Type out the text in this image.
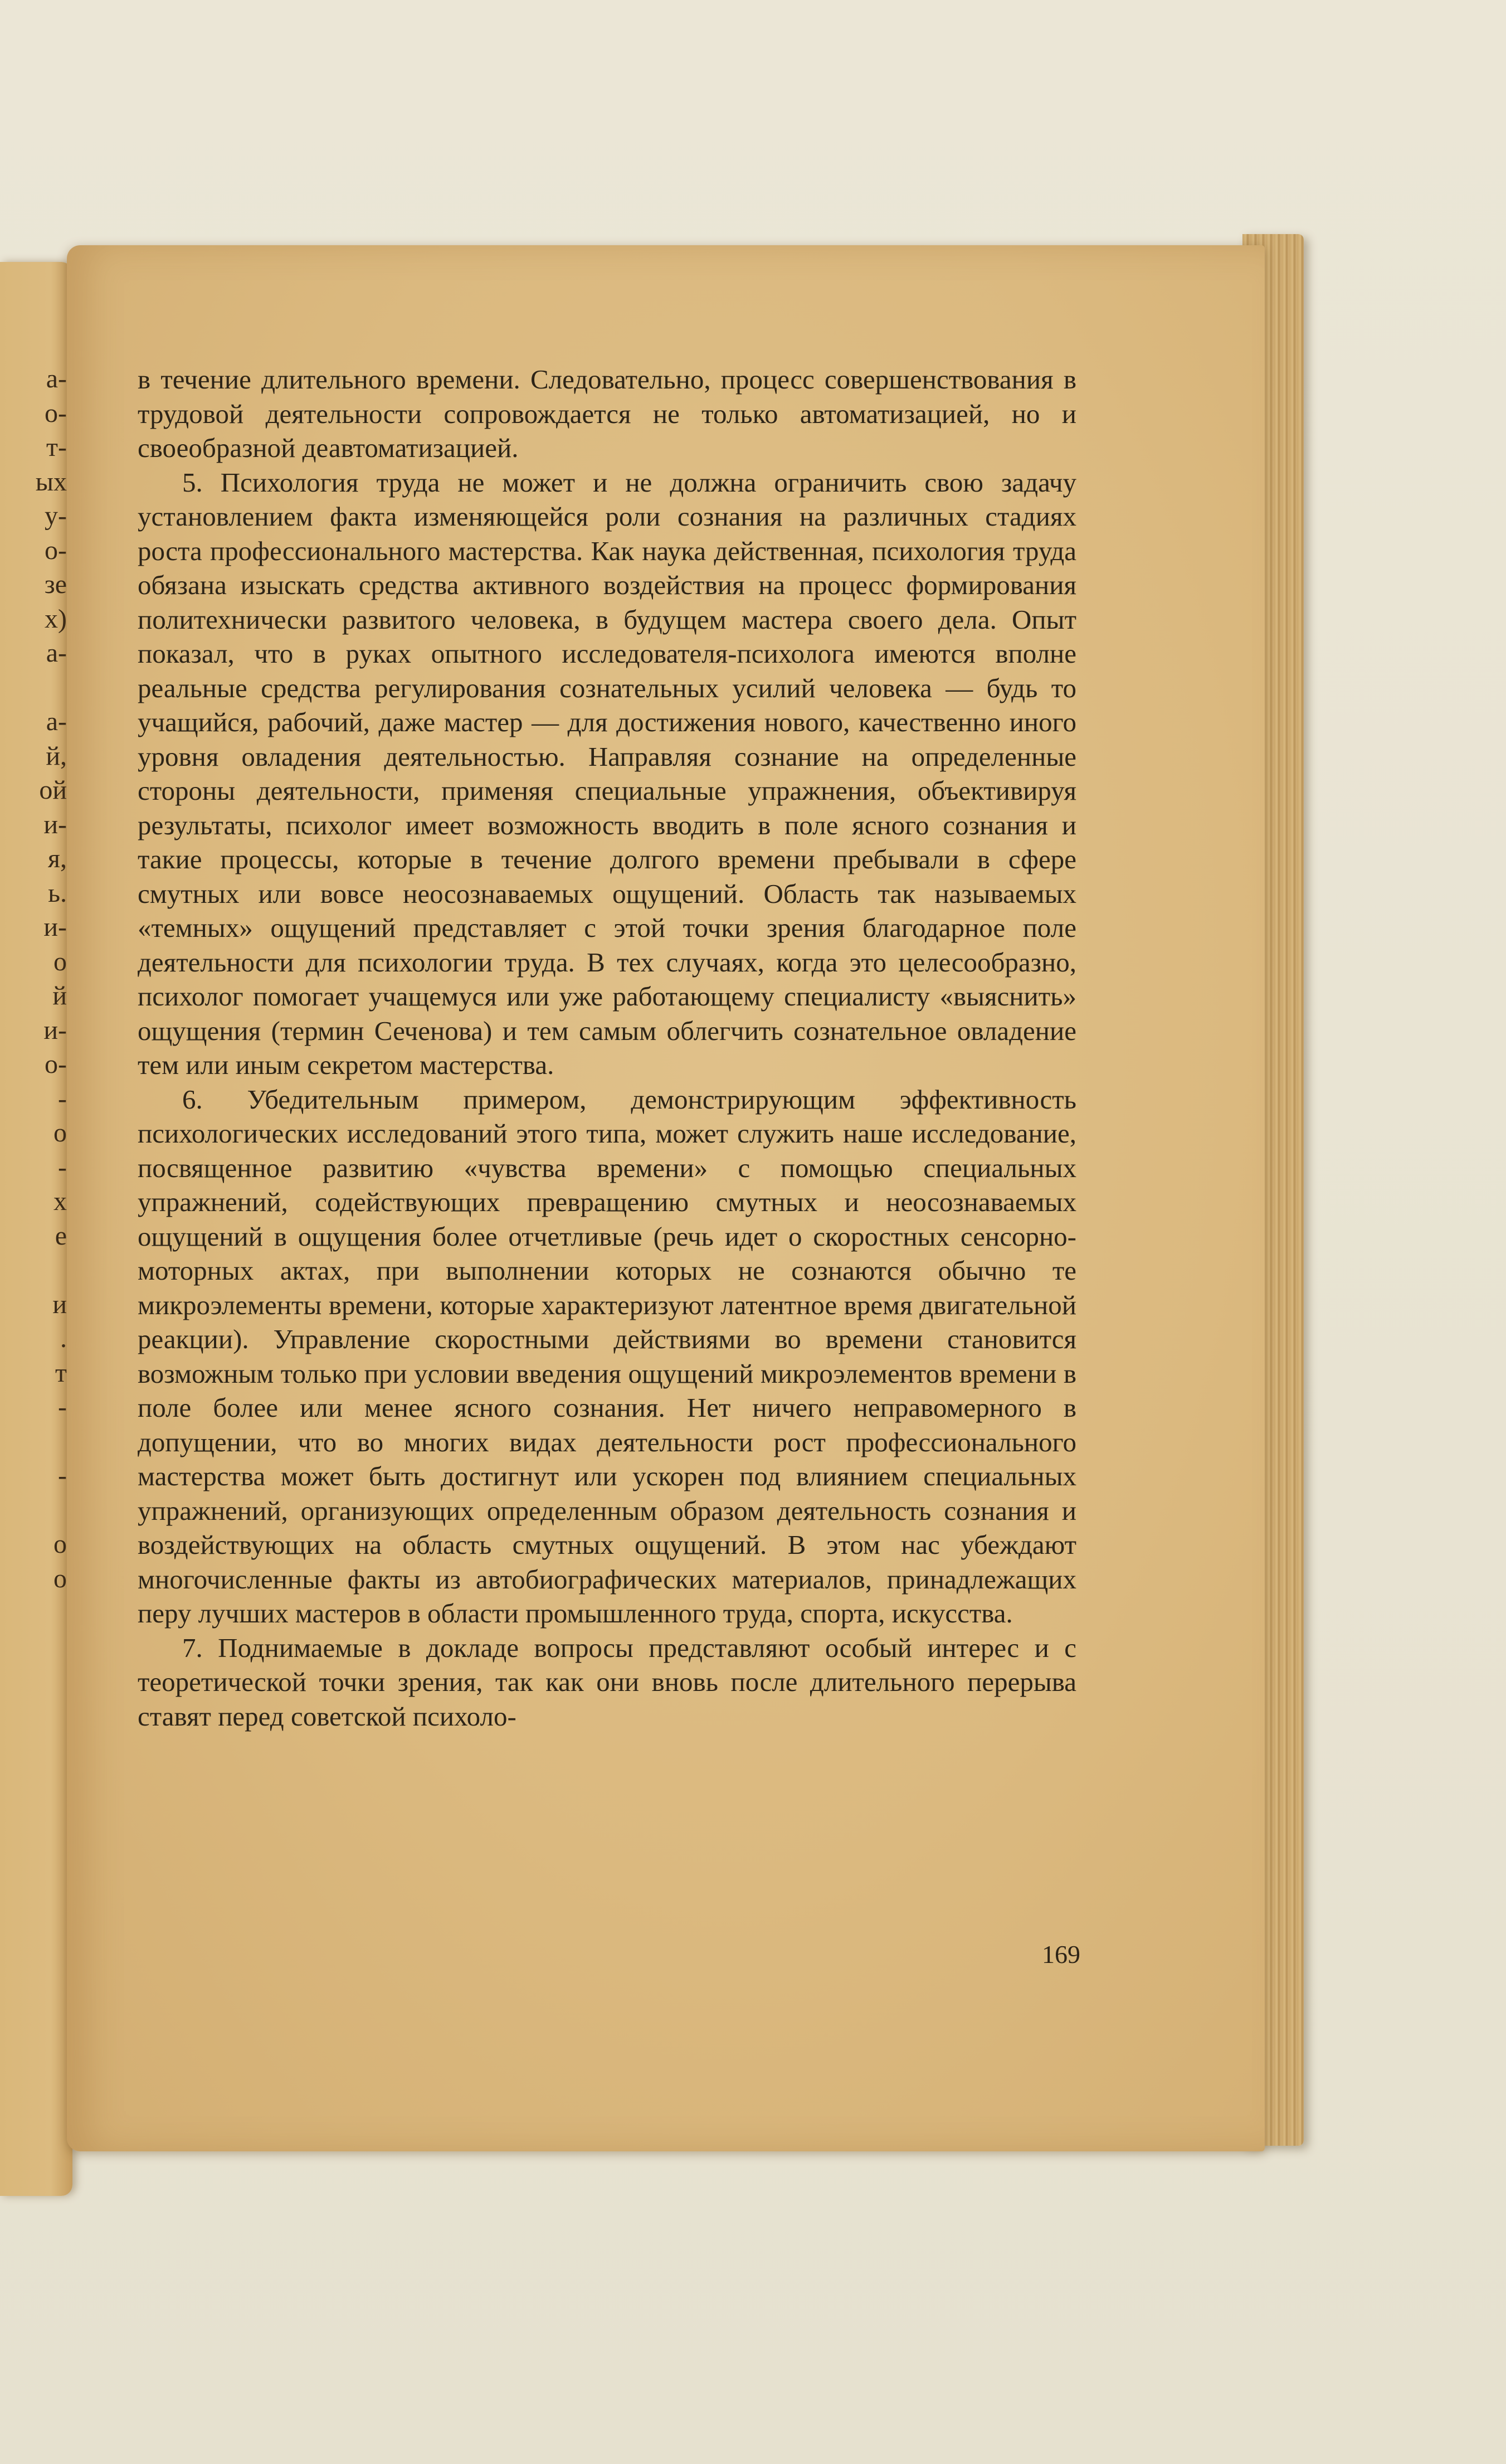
а-
о-
т-
ых
у-
о-
зе
х)
а-
а-
й,
ой
и-
я,
ь.
и-
о
й
и-
о-
-
о
-
х
е
и
.
т
-
-
о
о

в течение длительного времени. Следовательно, процесс совершенствования в трудовой деятельности сопровождается не только автоматизацией, но и своеобразной деавтоматизацией.

5. Психология труда не может и не должна ограничить свою задачу установлением факта изменяющейся роли сознания на различных стадиях роста профессионального мастерства. Как наука действенная, психология труда обязана изыскать средства активного воздействия на процесс формирования политехнически развитого человека, в будущем мастера своего дела. Опыт показал, что в руках опытного исследователя-психолога имеются вполне реальные средства регулирования сознательных усилий человека — будь то учащийся, рабочий, даже мастер — для достижения нового, качественно иного уровня овладения деятельностью. Направляя сознание на определенные стороны деятельности, применяя специальные упражнения, объективируя результаты, психолог имеет возможность вводить в поле ясного сознания и такие процессы, которые в течение долгого времени пребывали в сфере смутных или вовсе неосознаваемых ощущений. Область так называемых «темных» ощущений представляет с этой точки зрения благодарное поле деятельности для психологии труда. В тех случаях, когда это целесообразно, психолог помогает учащемуся или уже работающему специалисту «выяснить» ощущения (термин Сеченова) и тем самым облегчить сознательное овладение тем или иным секретом мастерства.

6. Убедительным примером, демонстрирующим эффективность психологических исследований этого типа, может служить наше исследование, посвященное развитию «чувства времени» с помощью специальных упражнений, содействующих превращению смутных и неосознаваемых ощущений в ощущения более отчетливые (речь идет о скоростных сенсорно-моторных актах, при выполнении которых не сознаются обычно те микроэлементы времени, которые характеризуют латентное время двигательной реакции). Управление скоростными действиями во времени становится возможным только при условии введения ощущений микроэлементов времени в поле более или менее ясного сознания. Нет ничего неправомерного в допущении, что во многих видах деятельности рост профессионального мастерства может быть достигнут или ускорен под влиянием специальных упражнений, организующих определенным образом деятельность сознания и воздействующих на область смутных ощущений. В этом нас убеждают многочисленные факты из автобиографических материалов, принадлежащих перу лучших мастеров в области промышленного труда, спорта, искусства.

7. Поднимаемые в докладе вопросы представляют особый интерес и с теоретической точки зрения, так как они вновь после длительного перерыва ставят перед советской психоло-

169
